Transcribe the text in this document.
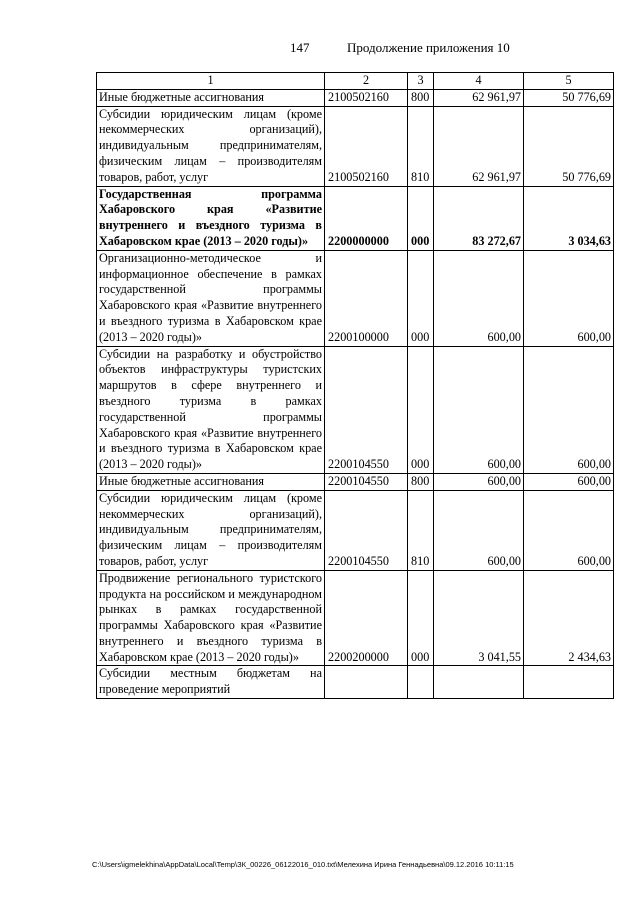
147	Продолжение приложения 10
1	2	3	4	5
Иные бюджетные ассигнования	2100502160	800	62 961,97	50 776,69
Субсидии юридическим лицам (кроме некоммерческих организаций), индивидуальным предпринимателям, физическим лицам – производителям товаров, работ, услуг	2100502160	810	62 961,97	50 776,69
Государственная программа Хабаровского края «Развитие внутреннего и въездного туризма в Хабаровском крае (2013 – 2020 годы)»	2200000000	000	83 272,67	3 034,63
Организационно-методическое и информационное обеспечение в рамках государственной программы Хабаровского края «Развитие внутреннего и въездного туризма в Хабаровском крае (2013 – 2020 годы)»	2200100000	000	600,00	600,00
Субсидии на разработку и обустройство объектов инфраструктуры туристских маршрутов в сфере внутреннего и въездного туризма в рамках государственной программы Хабаровского края «Развитие внутреннего и въездного туризма в Хабаровском крае (2013 – 2020 годы)»	2200104550	000	600,00	600,00
Иные бюджетные ассигнования	2200104550	800	600,00	600,00
Субсидии юридическим лицам (кроме некоммерческих организаций), индивидуальным предпринимателям, физическим лицам – производителям товаров, работ, услуг	2200104550	810	600,00	600,00
Продвижение регионального туристского продукта на российском и международном рынках в рамках государственной программы Хабаровского края «Развитие внутреннего и въездного туризма в Хабаровском крае (2013 – 2020 годы)»	2200200000	000	3 041,55	2 434,63
Субсидии местным бюджетам на проведение мероприятий				
C:\Users\igmelekhina\AppData\Local\Temp\ЗК_00226_06122016_010.txt\Мелехина Ирина Геннадьевна\09.12.2016 10:11:15
